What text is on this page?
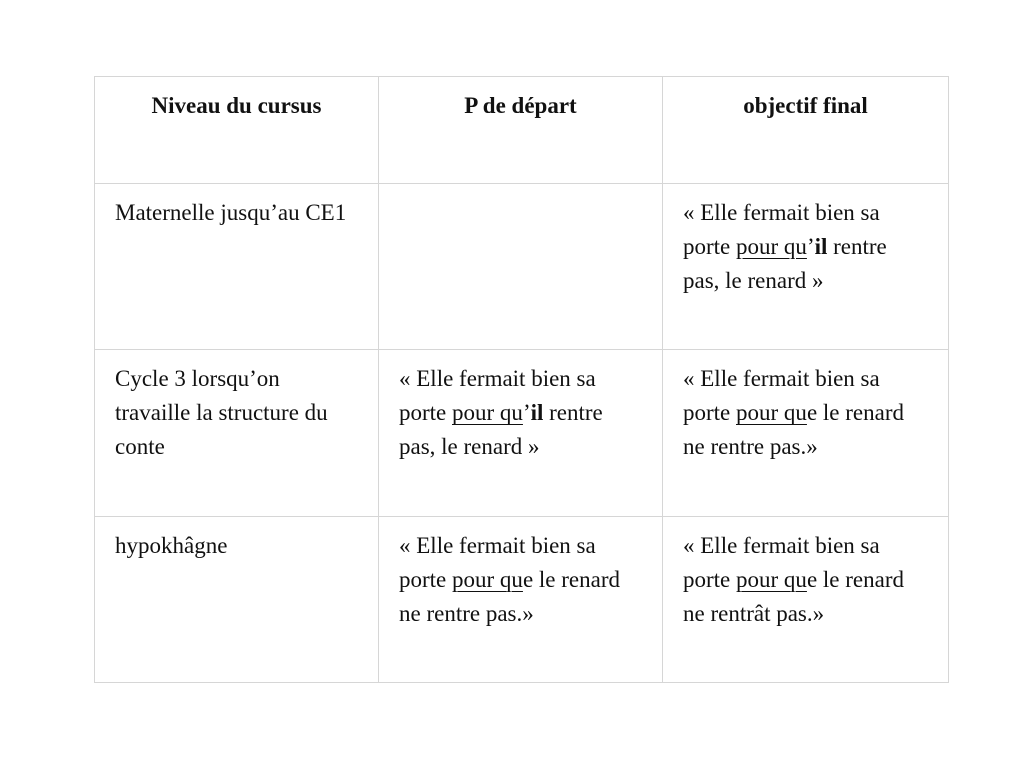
Niveau du cursus	P de départ	objectif final
Maternelle jusqu’au CE1		« Elle fermait bien sa porte pour qu’il rentre pas, le renard »
Cycle 3 lorsqu’on travaille la structure du conte	« Elle fermait bien sa porte pour qu’il rentre pas, le renard »	« Elle fermait bien sa porte pour que le renard ne rentre pas.»
hypokhâgne	« Elle fermait bien sa porte pour que le renard ne rentre pas.»	« Elle fermait bien sa porte pour que le renard ne rentrât pas.»
